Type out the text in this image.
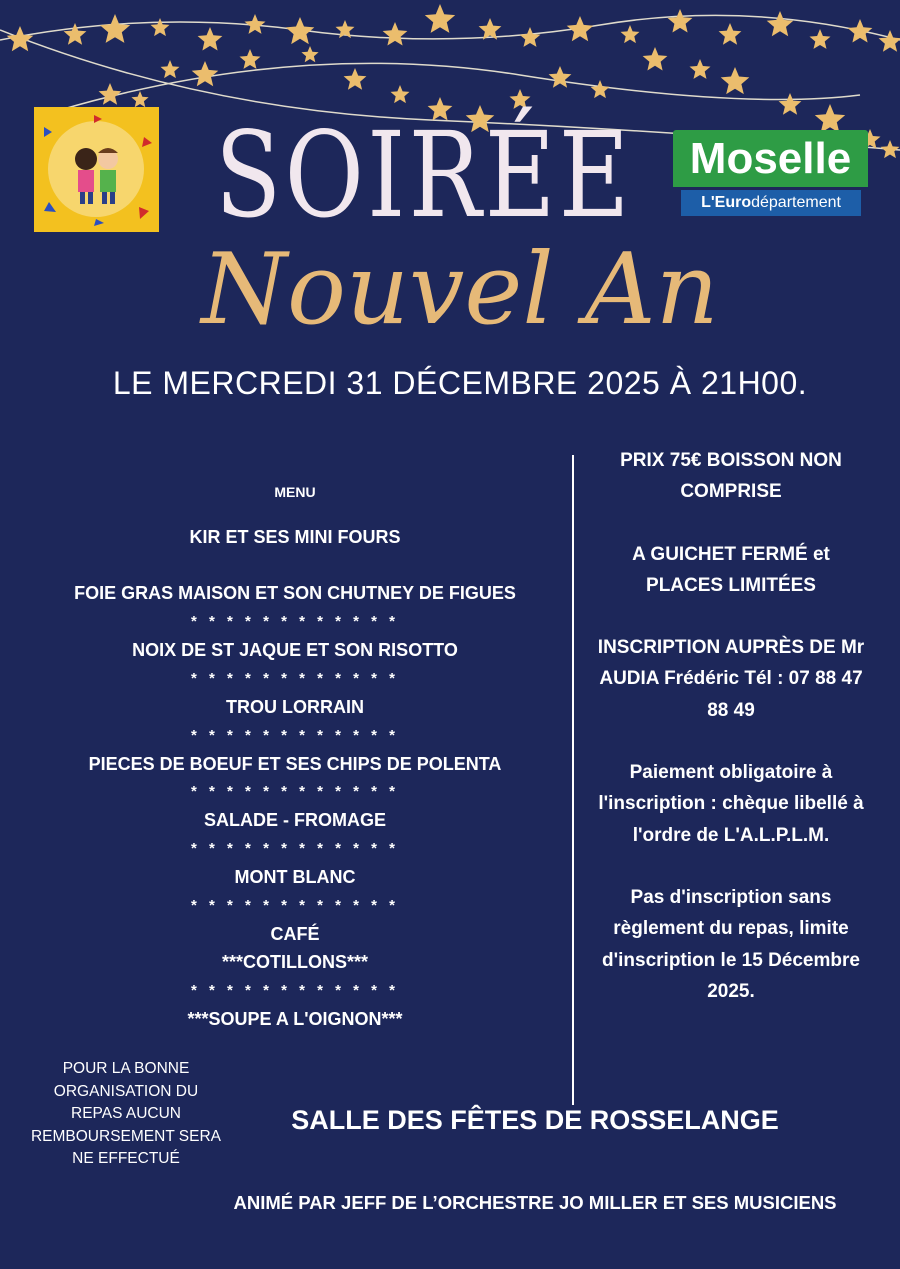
Moselle
L'Eurodépartement
SOIRÉE
Nouvel An
LE MERCREDI 31 DÉCEMBRE 2025 À 21H00.
MENU
KIR ET SES MINI FOURS
FOIE GRAS MAISON ET SON CHUTNEY DE FIGUES
* * * * * * * * * * * *
NOIX DE ST JAQUE ET SON RISOTTO
* * * * * * * * * * * *
TROU LORRAIN
* * * * * * * * * * * *
PIECES DE BOEUF ET SES CHIPS DE POLENTA
* * * * * * * * * * * *
SALADE - FROMAGE
* * * * * * * * * * * *
MONT BLANC
* * * * * * * * * * * *
CAFÉ
***COTILLONS***
* * * * * * * * * * * *
***SOUPE A L'OIGNON***

PRIX 75€ BOISSON NON COMPRISE

A GUICHET FERMÉ et PLACES LIMITÉES

INSCRIPTION AUPRÈS DE Mr AUDIA Frédéric Tél : 07 88 47 88 49

Paiement obligatoire à l'inscription : chèque libellé à l'ordre de L'A.L.P.L.M.

Pas d'inscription sans règlement du repas, limite d'inscription le 15 Décembre 2025.

POUR LA BONNE ORGANISATION DU REPAS AUCUN REMBOURSEMENT SERA NE EFFECTUÉ
SALLE DES FÊTES DE ROSSELANGE
ANIMÉ PAR JEFF DE L’ORCHESTRE JO MILLER ET SES MUSICIENS
